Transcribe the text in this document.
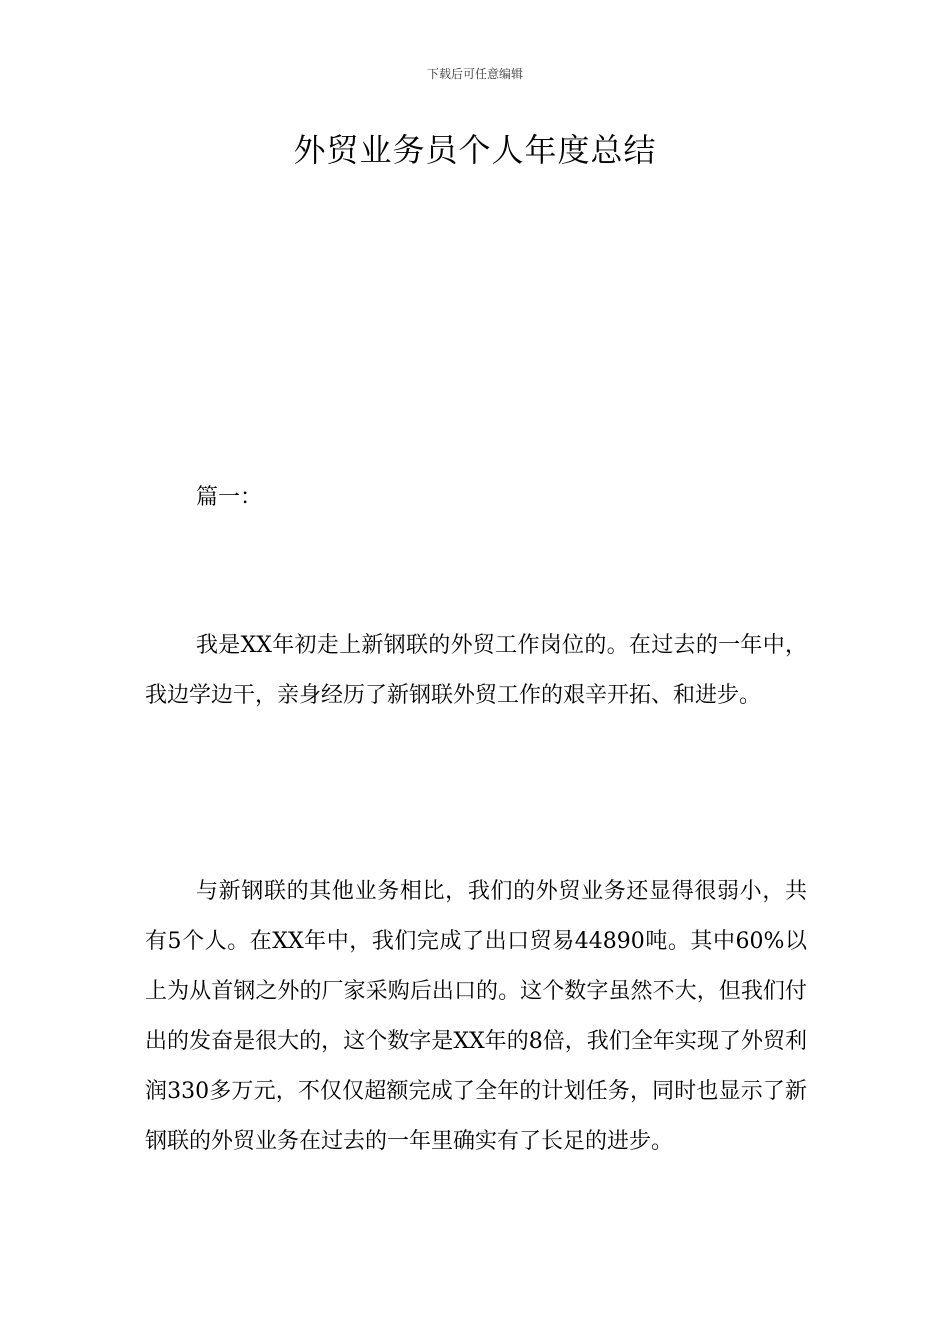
下载后可任意编辑
外贸业务员个人年度总结
篇一：

我是XX年初走上新钢联的外贸工作岗位的。在过去的一年中，我边学边干，亲身经历了新钢联外贸工作的艰辛开拓、和进步。

与新钢联的其他业务相比，我们的外贸业务还显得很弱小，共有5个人。在XX年中，我们完成了出口贸易44890吨。其中60%以上为从首钢之外的厂家采购后出口的。这个数字虽然不大，但我们付出的发奋是很大的，这个数字是XX年的8倍，我们全年实现了外贸利润330多万元，不仅仅超额完成了全年的计划任务，同时也显示了新钢联的外贸业务在过去的一年里确实有了长足的进步。
